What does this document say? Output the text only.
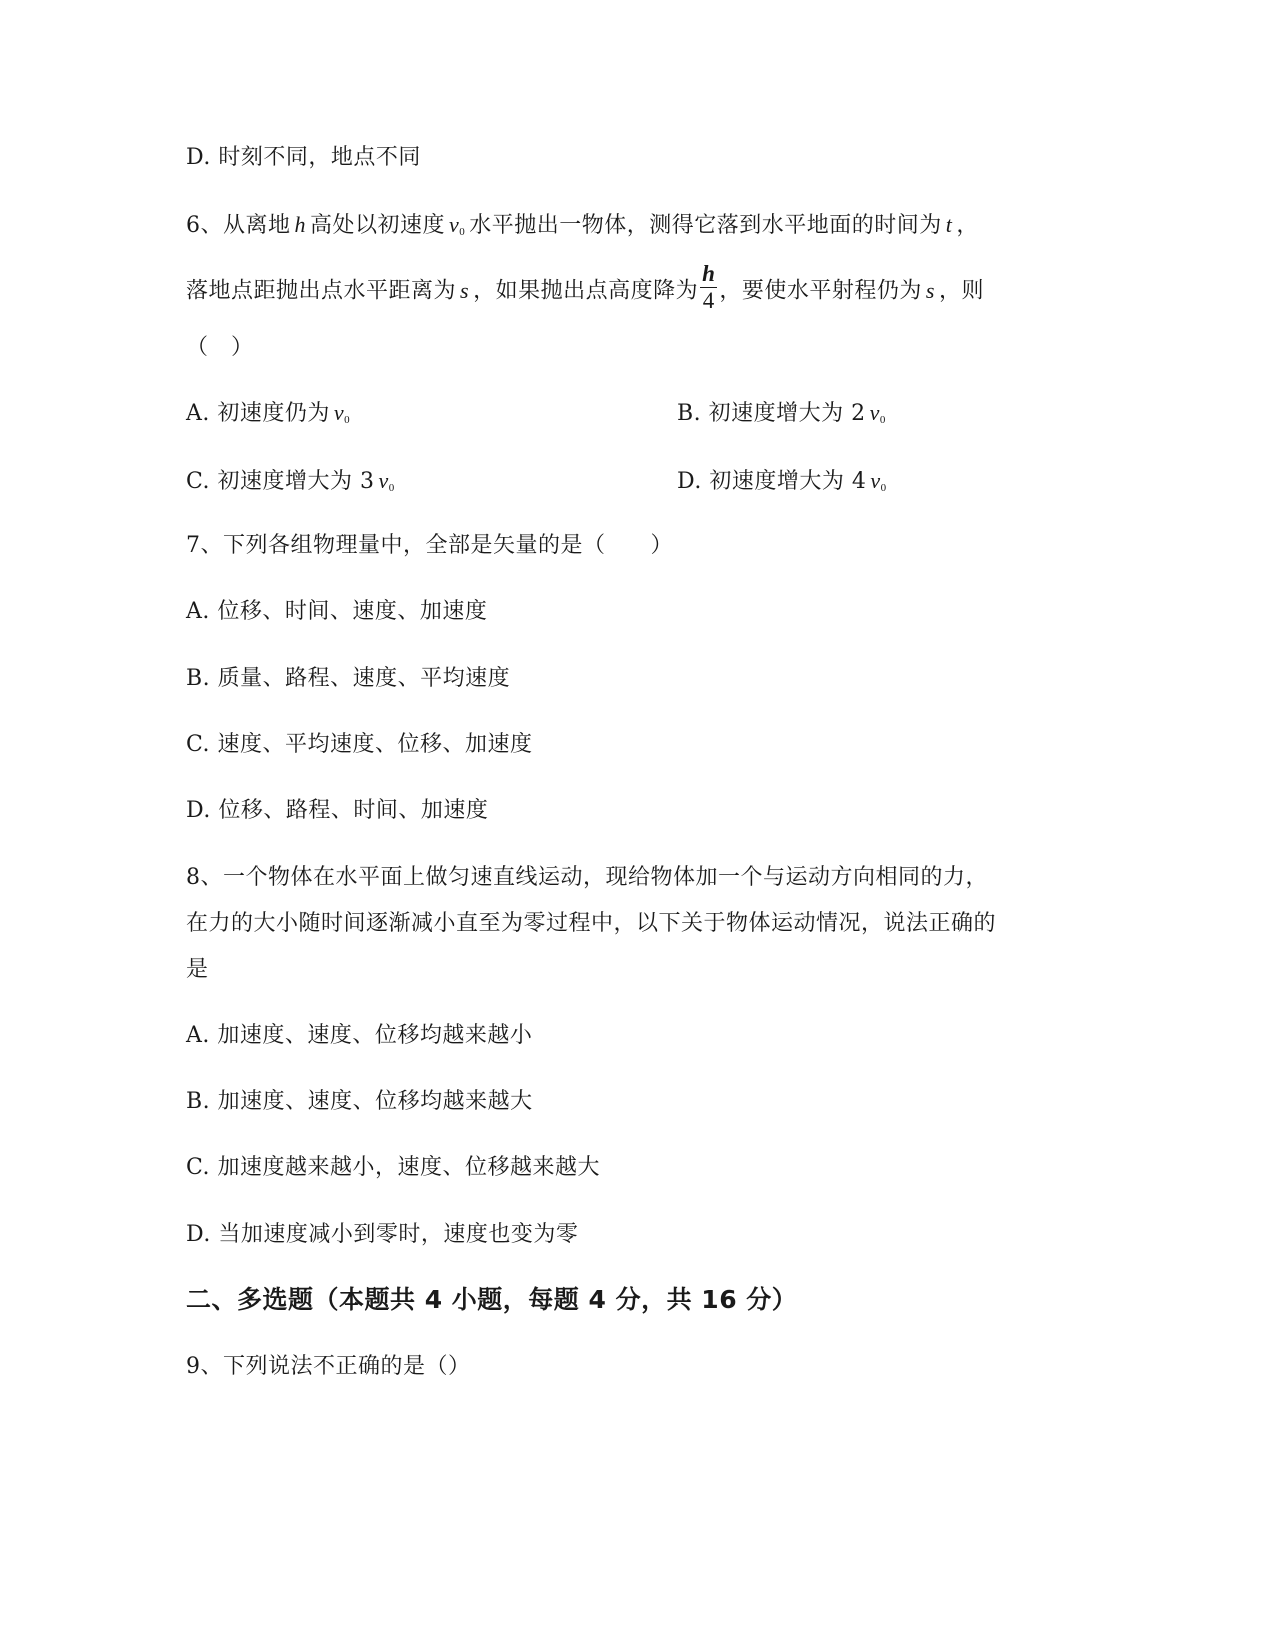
D. 时刻不同，地点不同
6、从离地 h 高处以初速度 $v_0$ 水平抛出一物体，测得它落到水平地面的时间为 t ，
落地点距抛出点水平距离为 s ，如果抛出点高度降为 $\frac{h}{4}$ ，要使水平射程仍为 s ，则
（　）
A. 初速度仍为 $v_0$	B. 初速度增大为 2 $v_0$
C. 初速度增大为 3 $v_0$	D. 初速度增大为 4 $v_0$
7、下列各组物理量中，全部是矢量的是（　　）
A. 位移、时间、速度、加速度
B. 质量、路程、速度、平均速度
C. 速度、平均速度、位移、加速度
D. 位移、路程、时间、加速度
8、一个物体在水平面上做匀速直线运动，现给物体加一个与运动方向相同的力，
在力的大小随时间逐渐减小直至为零过程中，以下关于物体运动情况，说法正确的
是
A. 加速度、速度、位移均越来越小
B. 加速度、速度、位移均越来越大
C. 加速度越来越小，速度、位移越来越大
D. 当加速度减小到零时，速度也变为零
二、多选题（本题共 4 小题，每题 4 分，共 16 分）
9、下列说法不正确的是（）
